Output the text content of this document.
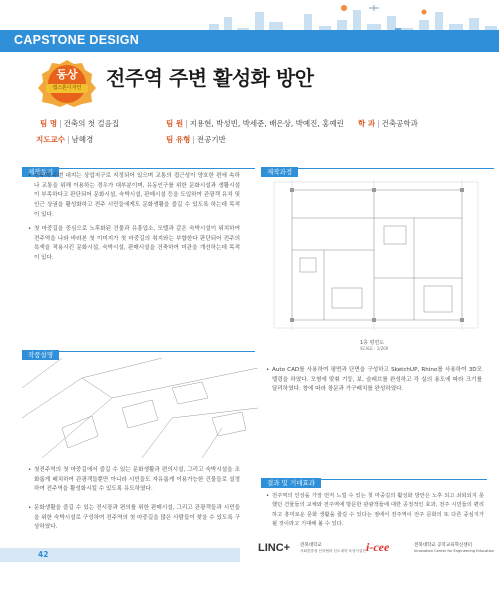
CAPSTONE DESIGN
동상
캡스톤디자인	전주역 주변 활성화 방안
팀 명 | 건축의 첫 걸음집	팀 원 | 지용현, 박성빈, 박세준, 배은상, 박예진, 홍예린 학 과 | 건축공학과
지도교수 | 남혜경	팀 유형 | 전공기반
제작동기
• 전주역 주변 대지는 상업지구로 지정되어 있으며 교통의 접근성이 양호한 편에 속하나 교통을 위해 이용하는 경우가 대부분이며, 유동인구를 위한 문화시설과 생활시설이 부족하다고 판단되어 문화시설, 숙박시설, 판매시설 등을 도입하여 관광객 유치 및 인근 상권을 활성화하고 전주 시민들에게도 문화생활을 즐길 수 있도록 하는데 목적이 있다.
• 첫 마중길을 중심으로 노후화된 건물과 유흥업소, 모텔과 같은 숙박시설이 위치하여 전주역을 나와 바라본 첫 이미지가 첫 마중길의 취지와는 부합한다 판단되어 전주의 특색을 적용시킨 문화시설, 숙박시설, 판매시설을 건축하여 미관을 개선하는데 목적이 있다.
제작과정
1층 평면도
SCALE : 1/200
• Auto CAD를 사용하여 평면과 단면을 구성하고 SketchUP, Rhino를 사용하여 3D모델링을 하였다. 모형에 맞춰 기둥, 보, 슬래브를 완성하고 각 실의 용도에 따라 크기를 달리하였다. 창에 따라 창문과 가구배치를 완성하였다.
작품설명
• 첫전주역의 첫 마중길에서 즐길 수 있는 문화생활과 편의시설, 그리고 숙박시설을 조화롭게 배치하여 관광객들뿐만 아니라 시민들도 자유롭게 이용가능한 건물들로 설정하여 전주역을 활성화시킬 수 있도록 유도하였다.
• 문화생활을 즐길 수 있는 전시장과 편의를 위한 판매시설, 그리고 관광객들과 시민들을 위한 숙박시설로 구성하여 전주역의 첫 마중길을 많은 사람들이 찾을 수 있도록 구상하였다.
결과 및 기대효과
• 전주역의 인상을 가장 먼저 느낄 수 있는 첫 마중길의 활성화 방안은 노후 되고 쇠퇴되지 못했던 건물들의 교체와 전주역에 방문한 관광객들에 대한 공정적인 효과, 전주 시민들의 편리하고 흥미로운 문화 생활을 즐길 수 있다는 점에서 전주역이 전주 문화의 또 다른 중심지가 될 것이라고 기대해 볼 수 있다.
42
LINC+ 전북대학교
사회맞춤형 산학협력 선도대학 육성사업단 i-cee	전북대학교 공학교육혁신센터
Innovation Center for Engineering Education
